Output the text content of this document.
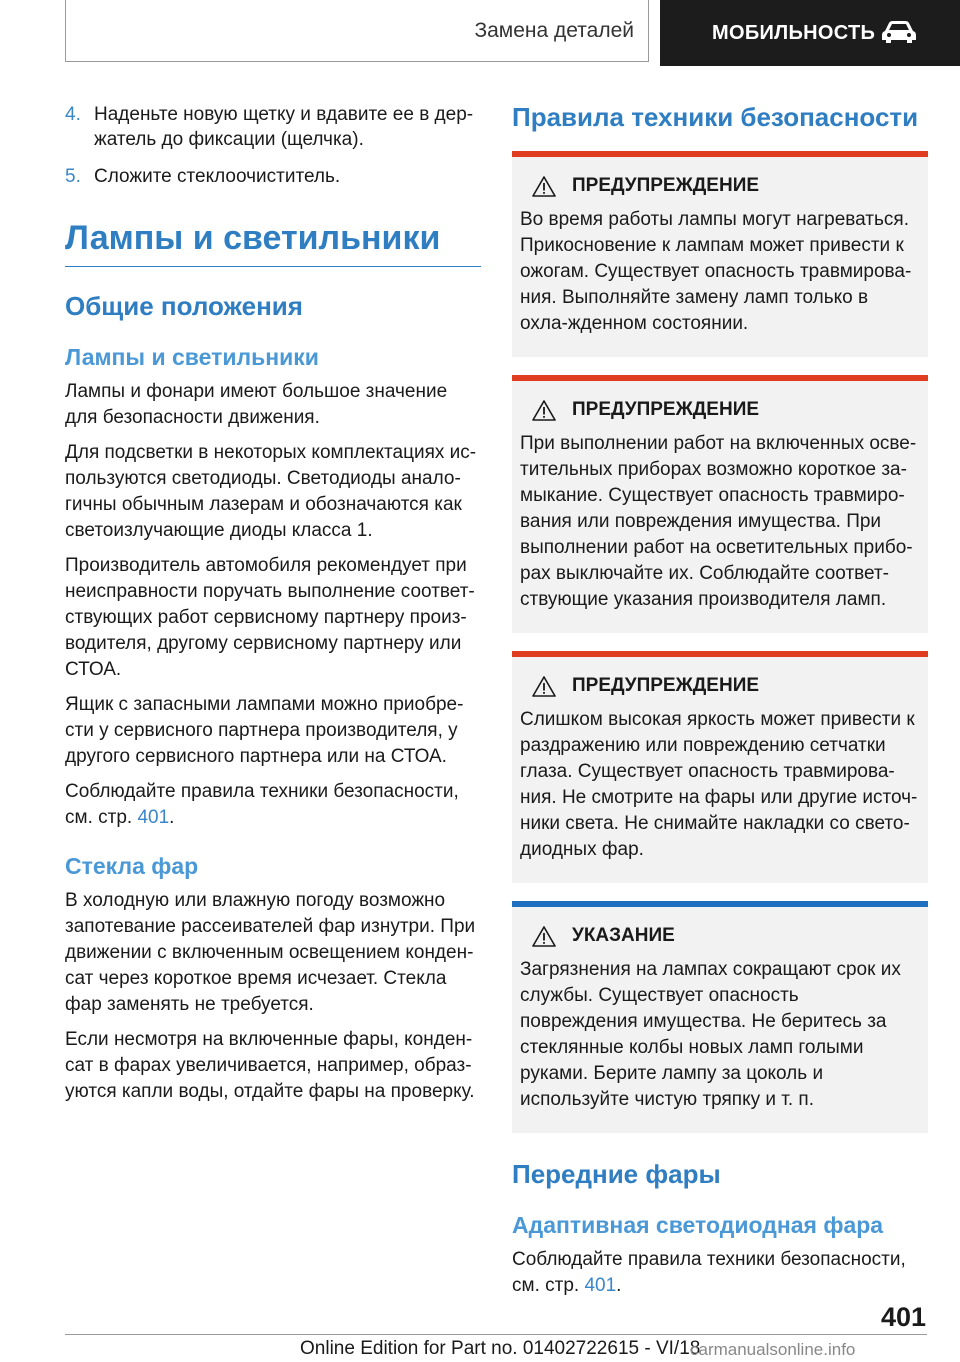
Замена деталей	МОБИЛЬНОСТЬ
4. Наденьте новую щетку и вдавите ее в дер-жатель до фиксации (щелчка).
5. Сложите стеклоочиститель.
Лампы и светильники
Общие положения
Лампы и светильники

Лампы и фонари имеют большое значение для безопасности движения.

Для подсветки в некоторых комплектациях ис-пользуются светодиоды. Светодиоды анало-гичны обычным лазерам и обозначаются как светоизлучающие диоды класса 1.

Производитель автомобиля рекомендует при неисправности поручать выполнение соответ-ствующих работ сервисному партнеру произ-водителя, другому сервисному партнеру или СТОА.

Ящик с запасными лампами можно приобре-сти у сервисного партнера производителя, у другого сервисного партнера или на СТОА.

Соблюдайте правила техники безопасности, см. стр. 401.

Стекла фар

В холодную или влажную погоду возможно запотевание рассеивателей фар изнутри. При движении с включенным освещением конден-сат через короткое время исчезает. Стекла фар заменять не требуется.

Если несмотря на включенные фары, конден-сат в фарах увеличивается, например, образ-уются капли воды, отдайте фары на проверку.

Правила техники безопасности
ПРЕДУПРЕЖДЕНИЕ

Во время работы лампы могут нагреваться. Прикосновение к лампам может привести к ожогам. Существует опасность травмирова-ния. Выполняйте замену ламп только в охла-жденном состоянии.

ПРЕДУПРЕЖДЕНИЕ

При выполнении работ на включенных осве-тительных приборах возможно короткое за-мыкание. Существует опасность травмиро-вания или повреждения имущества. При выполнении работ на осветительных прибо-рах выключайте их. Соблюдайте соответ-ствующие указания производителя ламп.

ПРЕДУПРЕЖДЕНИЕ

Слишком высокая яркость может привести к раздражению или повреждению сетчатки глаза. Существует опасность травмирова-ния. Не смотрите на фары или другие источ-ники света. Не снимайте накладки со свето-диодных фар.

УКАЗАНИЕ

Загрязнения на лампах сокращают срок их службы. Существует опасность повреждения имущества. Не беритесь за стеклянные колбы новых ламп голыми руками. Берите лампу за цоколь и используйте чистую тряпку и т. п.

Передние фары
Адаптивная светодиодная фара

Соблюдайте правила техники безопасности, см. стр. 401.

401
Online Edition for Part no. 01402722615 - VI/18
carmanualsonline.info
